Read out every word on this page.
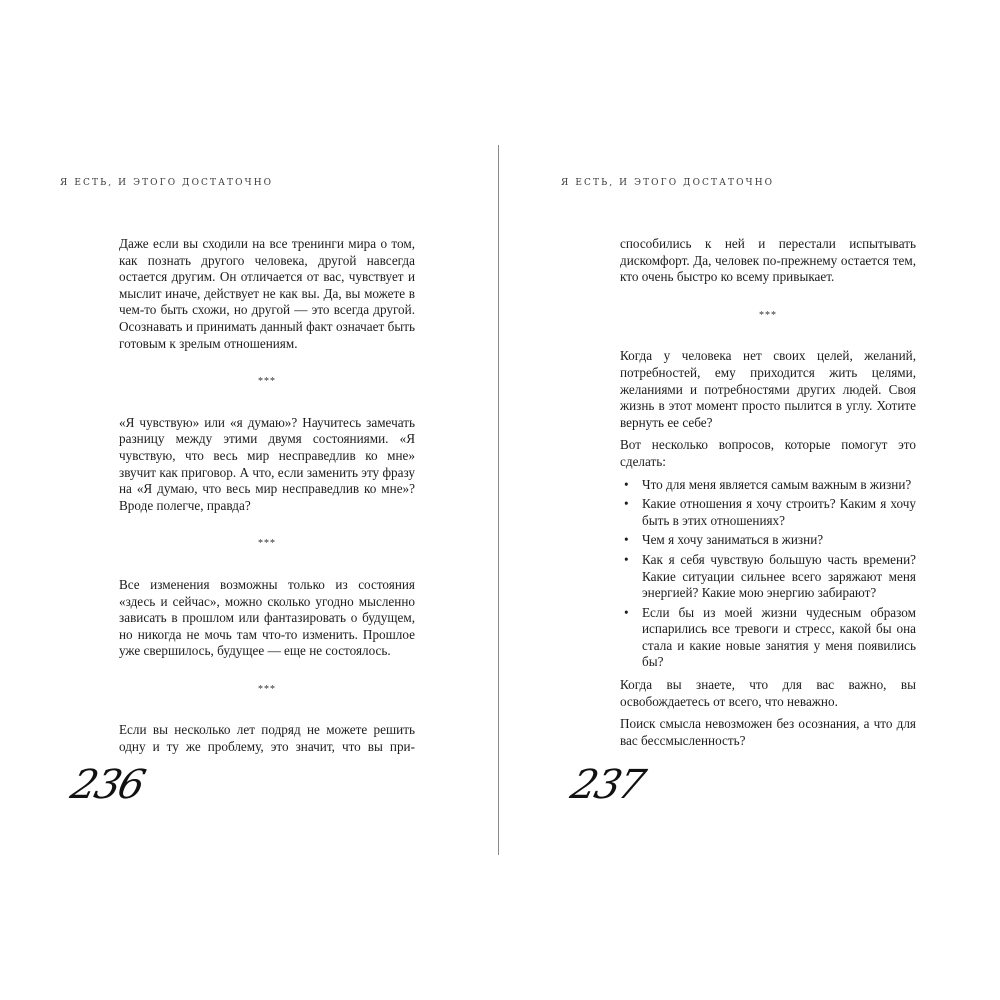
Я ЕСТЬ, И ЭТОГО ДОСТАТОЧНО

Даже если вы сходили на все тренинги мира о том, как познать другого человека, другой навсегда остается другим. Он отличается от вас, чувствует и мыслит иначе, действует не как вы. Да, вы можете в чем-то быть схожи, но другой — это всегда другой. Осознавать и принимать данный факт означает быть готовым к зрелым отношениям.

***

«Я чувствую» или «я думаю»? Научитесь замечать разницу между этими двумя состояниями. «Я чувствую, что весь мир несправедлив ко мне» звучит как приговор. А что, если заменить эту фразу на «Я думаю, что весь мир несправедлив ко мне»? Вроде полегче, правда?

***

Все изменения возможны только из состояния «здесь и сейчас», можно сколько угодно мысленно зависать в прошлом или фантазировать о будущем, но никогда не мочь там что-то изменить. Прошлое уже свершилось, будущее — еще не состоялось.

***

Если вы несколько лет подряд не можете решить одну и ту же проблему, это значит, что вы при-

236
Я ЕСТЬ, И ЭТОГО ДОСТАТОЧНО

способились к ней и перестали испытывать дискомфорт. Да, человек по-прежнему остается тем, кто очень быстро ко всему привыкает.

***

Когда у человека нет своих целей, желаний, потребностей, ему приходится жить целями, желаниями и потребностями других людей. Своя жизнь в этот момент просто пылится в углу. Хотите вернуть ее себе?

Вот несколько вопросов, которые помогут это сделать:

• Что для меня является самым важным в жизни?
• Какие отношения я хочу строить? Каким я хочу быть в этих отношениях?
• Чем я хочу заниматься в жизни?
• Как я себя чувствую большую часть времени? Какие ситуации сильнее всего заряжают меня энергией? Какие мою энергию забирают?
• Если бы из моей жизни чудесным образом испарились все тревоги и стресс, какой бы она стала и какие новые занятия у меня появились бы?

Когда вы знаете, что для вас важно, вы освобождаетесь от всего, что неважно.

Поиск смысла невозможен без осознания, а что для вас бессмысленность?

237
